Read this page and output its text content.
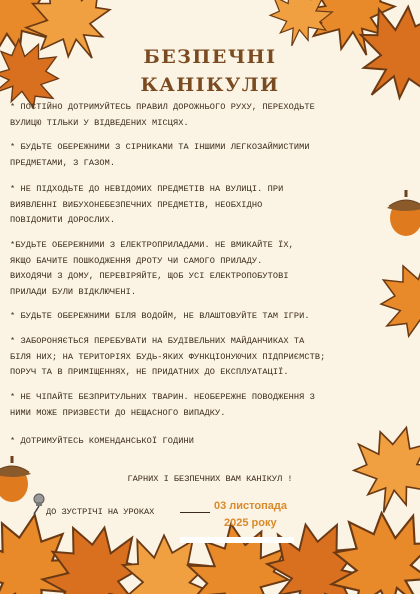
БЕЗПЕЧНІ
КАНІКУЛИ
* ПОСТІЙНО ДОТРИМУЙТЕСЬ ПРАВИЛ ДОРОЖНЬОГО РУХУ, ПЕРЕХОДЬТЕ
ВУЛИЦЮ ТІЛЬКИ У ВІДВЕДЕНИХ МІСЦЯХ.
* БУДЬТЕ ОБЕРЕЖНИМИ З СІРНИКАМИ ТА ІНШИМИ ЛЕГКОЗАЙМИСТИМИ
ПРЕДМЕТАМИ, З ГАЗОМ.
* НЕ ПІДХОДЬТЕ ДО НЕВІДОМИХ ПРЕДМЕТІВ НА ВУЛИЦІ. ПРИ
ВИЯВЛЕННІ ВИБУХОНЕБЕЗПЕЧНИХ ПРЕДМЕТІВ, НЕОБХІДНО
ПОВІДОМИТИ ДОРОСЛИХ.
*БУДЬТЕ ОБЕРЕЖНИМИ З ЕЛЕКТРОПРИЛАДАМИ. НЕ ВМИКАЙТЕ ЇХ,
ЯКЩО БАЧИТЕ ПОШКОДЖЕННЯ ДРОТУ ЧИ САМОГО ПРИЛАДУ.
ВИХОДЯЧИ З ДОМУ, ПЕРЕВІРЯЙТЕ, ЩОБ УСІ ЕЛЕКТРОПОБУТОВІ
ПРИЛАДИ БУЛИ ВІДКЛЮЧЕНІ.
* БУДЬТЕ ОБЕРЕЖНИМИ БІЛЯ ВОДОЙМ, НЕ ВЛАШТОВУЙТЕ ТАМ ІГРИ.
* ЗАБОРОНЯЄТЬСЯ ПЕРЕБУВАТИ НА БУДІВЕЛЬНИХ МАЙДАНЧИКАХ ТА
БІЛЯ НИХ; НА ТЕРИТОРІЯХ БУДЬ-ЯКИХ ФУНКЦІОНУЮЧИХ ПІДПРИЄМСТВ;
ПОРУЧ ТА В ПРИМІЩЕННЯХ, НЕ ПРИДАТНИХ ДО ЕКСПЛУАТАЦІЇ.
* НЕ ЧІПАЙТЕ БЕЗПРИТУЛЬНИХ ТВАРИН. НЕОБЕРЕЖНЕ ПОВОДЖЕННЯ З
НИМИ МОЖЕ ПРИЗВЕСТИ ДО НЕЩАСНОГО ВИПАДКУ.
* ДОТРИМУЙТЕСЬ КОМЕНДАНСЬКОЇ ГОДИНИ
ГАРНИХ І БЕЗПЕЧНИХ ВАМ КАНІКУЛ !
ДО ЗУСТРІЧІ НА УРОКАХ	03 листопада
2025 року
